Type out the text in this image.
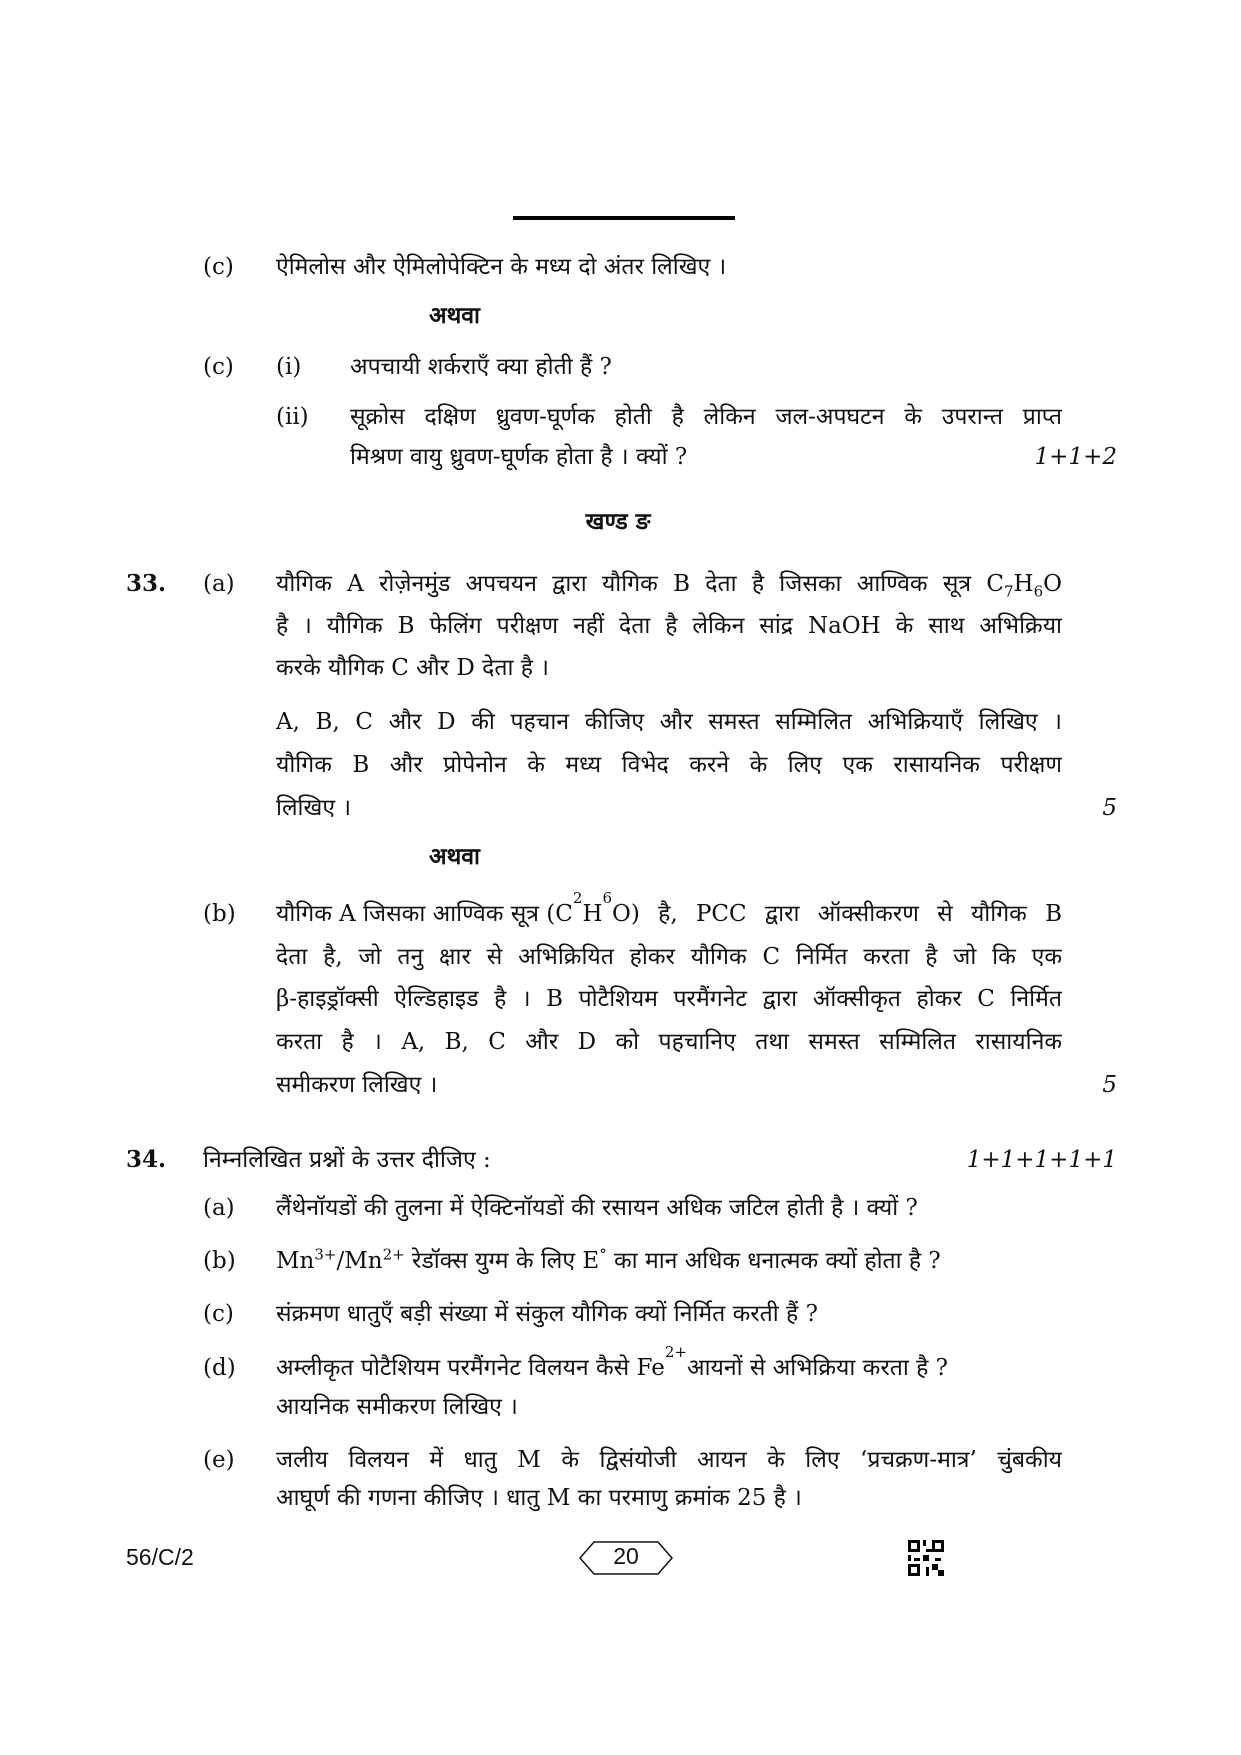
(c) ऐमिलोस और ऐमिलोपेक्टिन के मध्य दो अंतर लिखिए ।
अथवा
(c) (i) अपचायी शर्कराएँ क्या होती हैं ?
(ii) सूक्रोस दक्षिण ध्रुवण-घूर्णक होती है लेकिन जल-अपघटन के उपरान्त प्राप्त
मिश्रण वायु ध्रुवण-घूर्णक होता है । क्यों ?	1+1+2
खण्ड ङ
33. (a) यौगिक A रोज़ेनमुंड अपचयन द्वारा यौगिक B देता है जिसका आण्विक सूत्र C $_7H_6O$
है । यौगिक B फेलिंग परीक्षण नहीं देता है लेकिन सांद्र NaOH के साथ अभिक्रिया
करके यौगिक C और D देता है ।
A, B, C और D की पहचान कीजिए और समस्त सम्मिलित अभिक्रियाएँ लिखिए ।
यौगिक B और प्रोपेनोन के मध्य विभेद करने के लिए एक रासायनिक परीक्षण
लिखिए ।	5
अथवा
(b) यौगिक A जिसका आण्विक सूत्र (C
2
H
6
O) है, PCC द्वारा ऑक्सीकरण से यौगिक B
देता है, जो तनु क्षार से अभिक्रियित होकर यौगिक C निर्मित करता है जो कि एक
β-हाइड्रॉक्सी ऐल्डिहाइड है । B पोटैशियम परमैंगनेट द्वारा ऑक्सीकृत होकर C निर्मित
करता है । A, B, C और D को पहचानिए तथा समस्त सम्मिलित रासायनिक
समीकरण लिखिए ।	5
34. निम्नलिखित प्रश्नों के उत्तर दीजिए :	1+1+1+1+1
(a) लैंथेनॉयडों की तुलना में ऐक्टिनॉयडों की रसायन अधिक जटिल होती है । क्यों ?
(b) $Mn^{3+}/Mn^{2+}$ रेडॉक्स युग्म के लिए E° का मान अधिक धनात्मक क्यों होता है ?
(c) संक्रमण धातुएँ बड़ी संख्या में संकुल यौगिक क्यों निर्मित करती हैं ?
(d) अम्लीकृत पोटैशियम परमैंगनेट विलयन कैसे Fe
2+
आयनों से अभिक्रिया करता है ?
आयनिक समीकरण लिखिए ।
(e) जलीय विलयन में धातु M के द्विसंयोजी आयन के लिए ‘प्रचक्रण-मात्र’ चुंबकीय
आघूर्ण की गणना कीजिए । धातु M का परमाणु क्रमांक 25 है ।
56/C/2	20
